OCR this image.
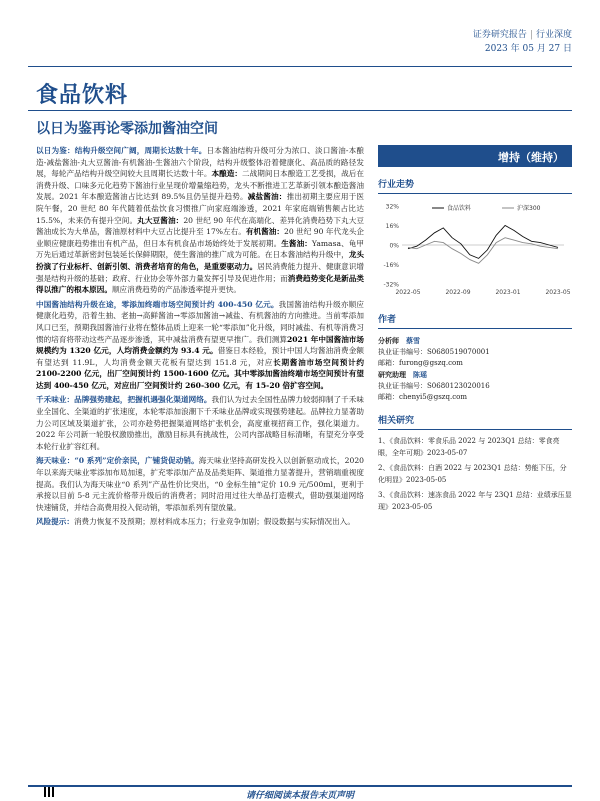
证券研究报告 | 行业深度
2023 年 05 月 27 日
食品饮料
以日为鉴再论零添加酱油空间

以日为鉴：结构升级空间广阔，周期长达数十年。日本酱油结构升级可分为浓口、淡口酱油-本酿造-减盐酱油-丸大豆酱油-有机酱油-生酱油六个阶段，结构升级整体沿着健康化、高品质的路径发展，每轮产品结构升级空间较大且周期长达数十年。本酿造：二战期间日本酿造工艺受损，战后在消费升级、口味多元化趋势下酱油行业呈现价增量缩趋势，龙头不断推进工艺革新引领本酿造酱油发展。2021 年本酿造酱油占比达到 89.5%且仍呈提升趋势。减盐酱油：推出初期主要应用于医院午餐，20 世纪 80 年代随着低盐饮食习惯推广向家庭端渗透，2021 年家庭端销售额占比达 15.5%，未来仍有提升空间。丸大豆酱油：20 世纪 90 年代在高端化、差异化消费趋势下丸大豆酱油成长为大单品，酱油原材料中大豆占比提升至 17%左右。有机酱油：20 世纪 90 年代龙头企业顺应健康趋势推出有机产品，但日本有机食品市场始终处于发展初期。生酱油：Yamasa、龟甲万先后通过革新密封包装延长保鲜期限，使生酱油的推广成为可能。在日本酱油结构升级中，龙头扮演了行业标杆、创新引领、消费者培育的角色，是重要驱动力。居民消费能力提升、健康意识增强是结构升级的基础；政府、行业协会等外部力量发挥引导及促进作用；而消费趋势变化是新品类得以推广的根本原因。顺应消费趋势的产品渗透率提升更快。

中国酱油结构升级在途，零添加终端市场空间预计约 400-450 亿元。我国酱油结构升级亦顺应健康化趋势，沿着生抽、老抽→高鲜酱油→零添加酱油→减盐、有机酱油的方向推进。当前零添加风口已至，预期我国酱油行业将在整体品质上迎来一轮“零添加”化升级，同时减盐、有机等消费习惯的培育将带动这些产品逐步渗透，其中减盐消费有望更早推广。我们测算2021 年中国酱油市场规模约为 1320 亿元，人均消费金额约为 93.4 元。借鉴日本经验，预计中国人均酱油消费金额有望达到 11.9L，人均消费金额天花板有望达到 151.8 元，对应长期酱油市场空间预计约 2100-2200 亿元，出厂空间预计约 1500-1600 亿元。其中零添加酱油终端市场空间预计有望达到 400-450 亿元，对应出厂空间预计约 260-300 亿元，有 15-20 倍扩容空间。

千禾味业：品牌强势建起，把握机遇强化渠道网络。我们认为过去全国性品牌力较弱抑制了千禾味业全国化、全渠道的扩张速度，本轮零添加浪潮下千禾味业品牌或实现强势建起。品牌拉力显著助力公司区域及渠道扩张，公司亦趁势把握渠道网络扩张机会，高度重视招商工作，强化渠道力。2022 年公司新一轮股权激励推出，激励目标具有挑战性，公司内部战略目标清晰，有望充分享受本轮行业扩容红利。

海天味业：“0 系列”定价亲民，广铺货促动销。海天味业坚持高研发投入以创新驱动成长，2020 年以来海天味业零添加布局加速，扩充零添加产品及品类矩阵、渠道推力显著提升，营销端重视度提高。我们认为海天味业“0 系列”产品性价比突出，“0 金标生抽”定价 10.9 元/500ml，更利于承接以目前 5-8 元主流价格带升级后的消费者；同时沿用过往大单品打造模式，借助强渠道网络快速铺货，并结合高费用投入促动销，零添加系列有望放量。

风险提示：消费力恢复不及预期；原材料成本压力；行业竞争加剧；假设数据与实际情况出入。

增持（维持）
行业走势
32%
16%
0%
-16%
-32%
2022-05	2022-09	2023-01	2023-05
食品饮料	沪深300
作者
分析师　 蔡雪
执业证书编号：S0680519070001
邮箱：furong@gszq.com
研究助理　 陈瑶
执业证书编号：S0680123020016
邮箱：chenyi5@gszq.com
相关研究
1、《食品饮料：零食乐品 2022 与 2023Q1 总结：零食亮眼，全年可期》2023-05-07
2、《食品饮料：白酒 2022 与 2023Q1 总结：势能下压，分化明显》2023-05-05
3、《食品饮料：速冻食品 2022 年与 23Q1 总结：业绩承压显现》2023-05-05
请仔细阅读本报告末页声明
